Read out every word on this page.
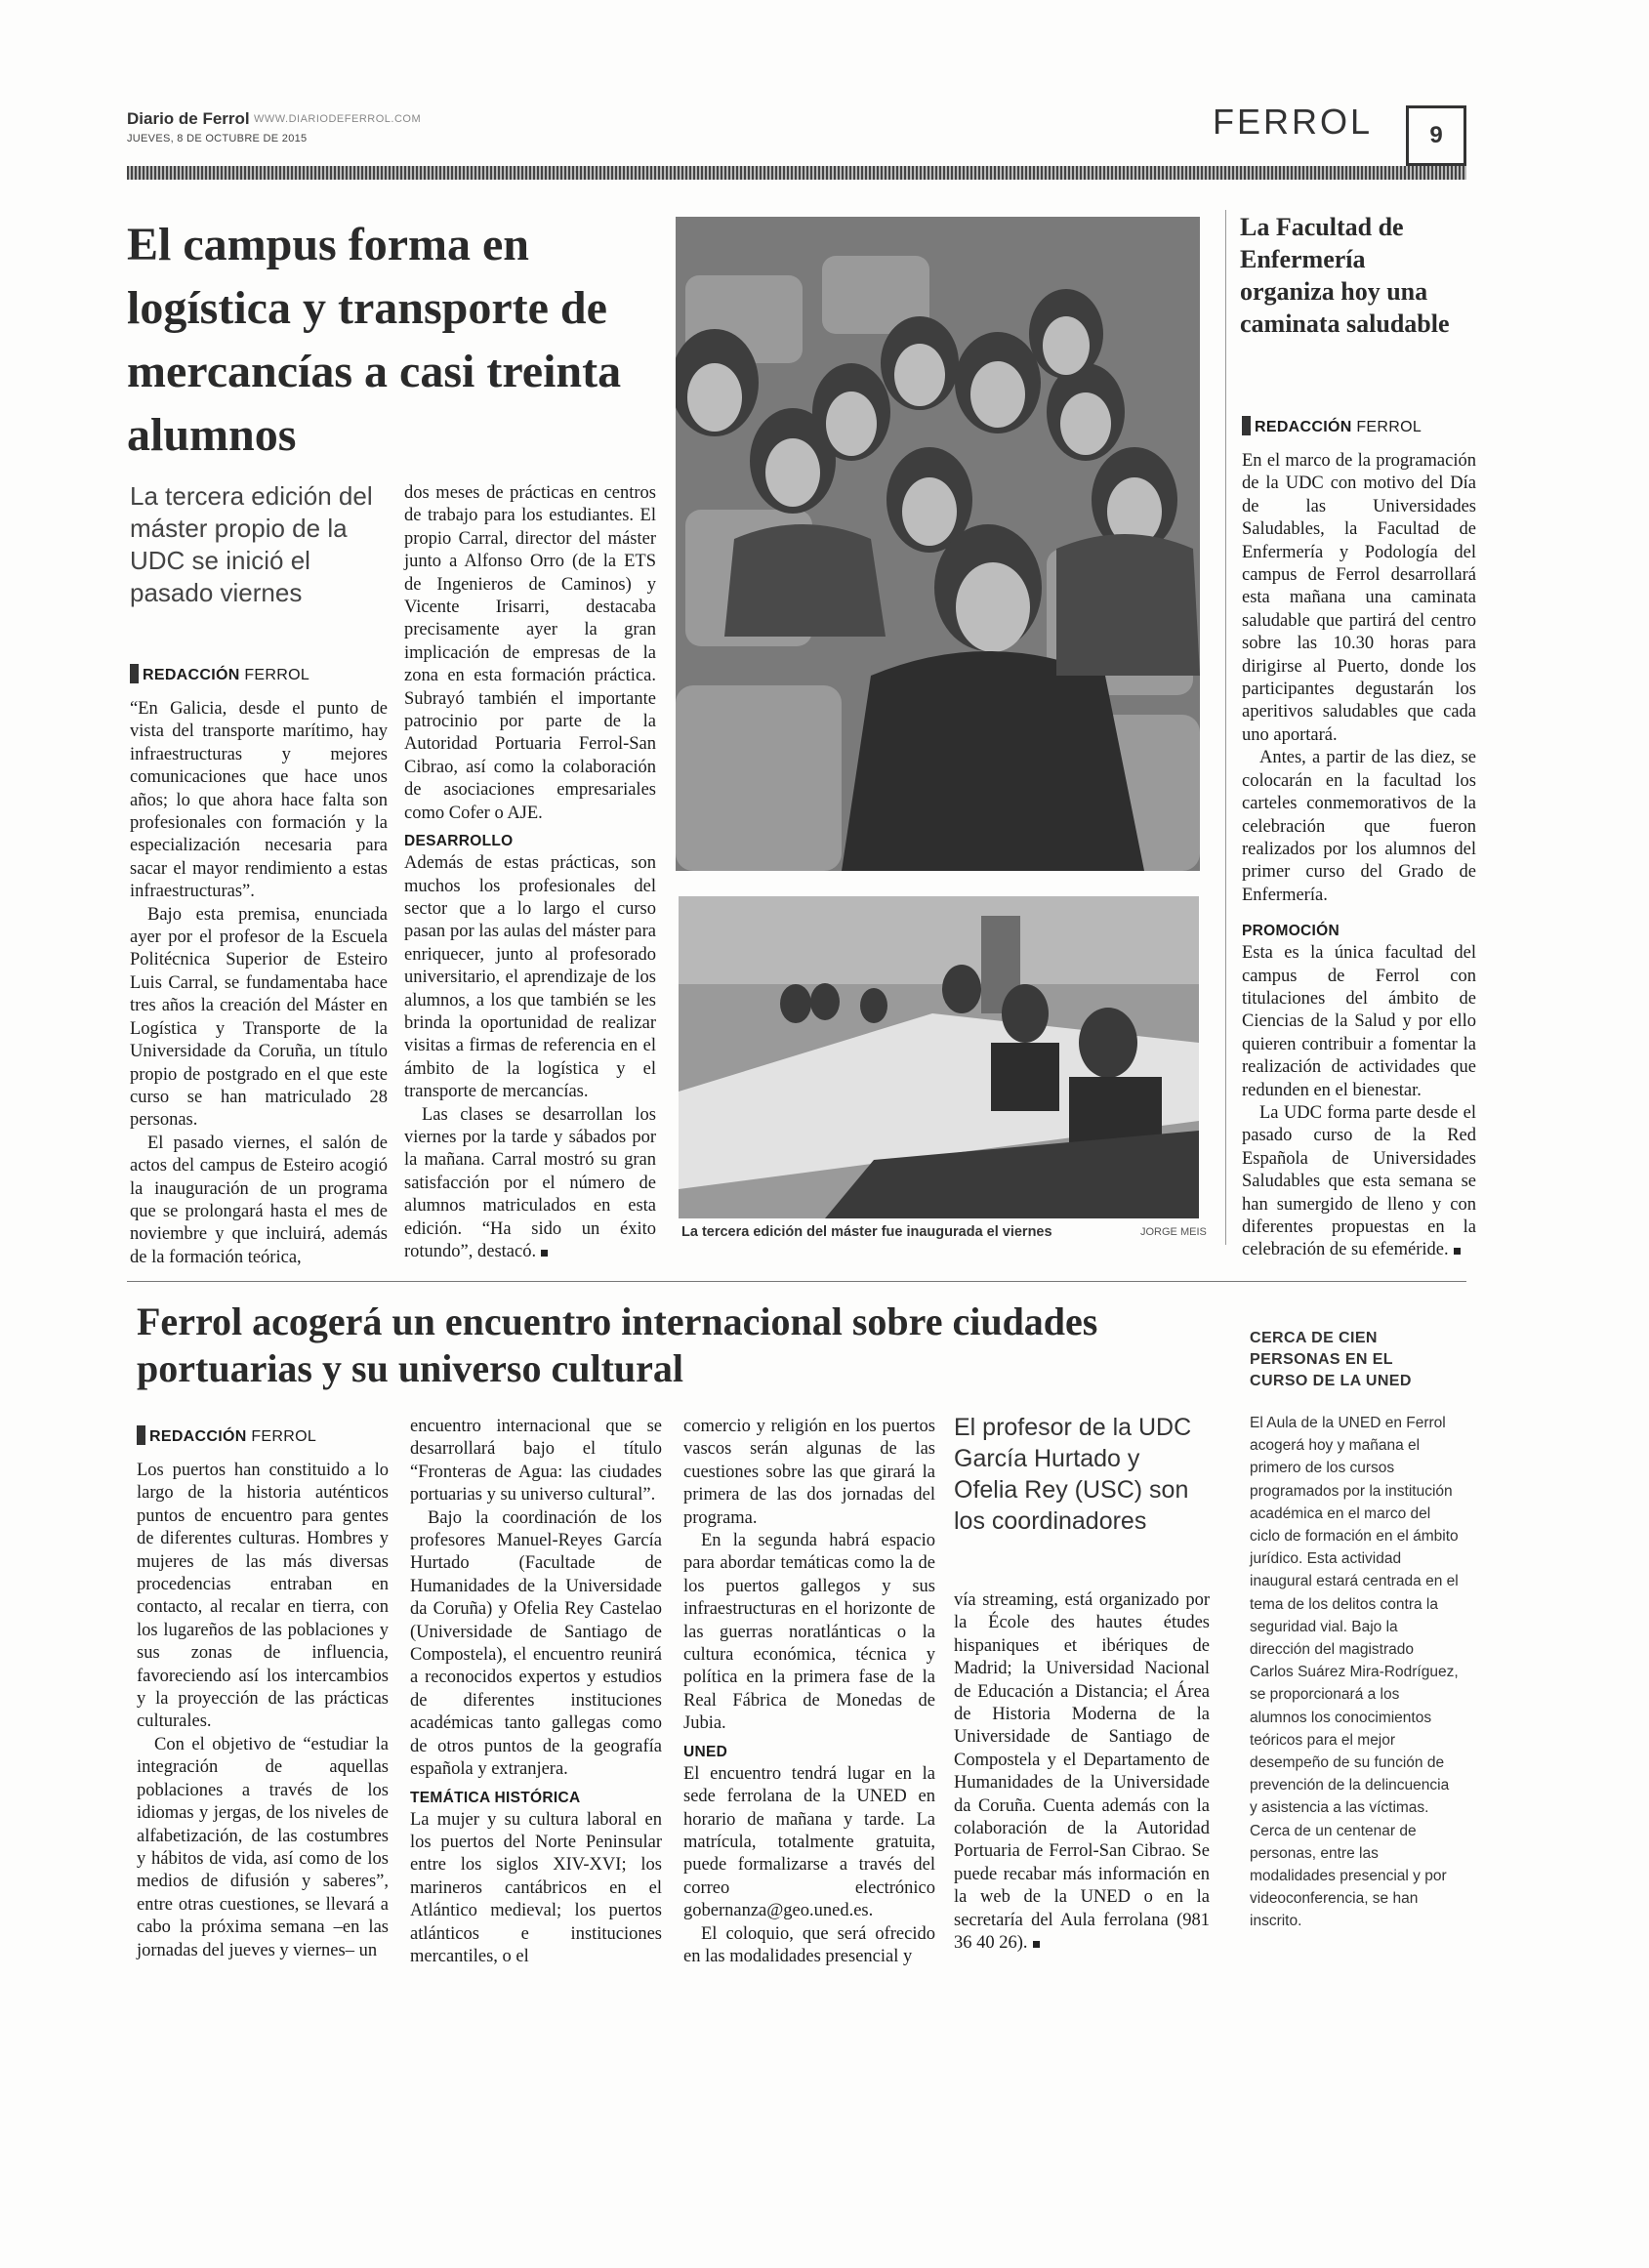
Diario de Ferrol WWW.DIARIODEFERROL.COM
JUEVES, 8 DE OCTUBRE DE 2015	FERROL 9
El campus forma en logística y transporte de mercancías a casi treinta alumnos
La tercera edición del máster propio de la UDC se inició el pasado viernes

REDACCIÓN FERROL

“En Galicia, desde el punto de vista del transporte marítimo, hay infraestructuras y mejores comunicaciones que hace unos años; lo que ahora hace falta son profesionales con formación y la especialización necesaria para sacar el mayor rendimiento a estas infraestructuras”.

Bajo esta premisa, enunciada ayer por el profesor de la Escuela Politécnica Superior de Esteiro Luis Carral, se fundamentaba hace tres años la creación del Máster en Logística y Transporte de la Universidade da Coruña, un título propio de postgrado en el que este curso se han matriculado 28 personas.

El pasado viernes, el salón de actos del campus de Esteiro acogió la inauguración de un programa que se prolongará hasta el mes de noviembre y que incluirá, además de la formación teórica,

dos meses de prácticas en centros de trabajo para los estudiantes. El propio Carral, director del máster junto a Alfonso Orro (de la ETS de Ingenieros de Caminos) y Vicente Irisarri, destacaba precisamente ayer la gran implicación de empresas de la zona en esta formación práctica. Subrayó también el importante patrocinio por parte de la Autoridad Portuaria Ferrol-San Cibrao, así como la colaboración de asociaciones empresariales como Cofer o AJE.

DESARROLLO

Además de estas prácticas, son muchos los profesionales del sector que a lo largo el curso pasan por las aulas del máster para enriquecer, junto al profesorado universitario, el aprendizaje de los alumnos, a los que también se les brinda la oportunidad de realizar visitas a firmas de referencia en el ámbito de la logística y el transporte de mercancías.

Las clases se desarrollan los viernes por la tarde y sábados por la mañana. Carral mostró su gran satisfacción por el número de alumnos matriculados en esta edición. “Ha sido un éxito rotundo”, destacó.

La tercera edición del máster fue inaugurada el viernes	JORGE MEIS
La Facultad de Enfermería organiza hoy una caminata saludable

REDACCIÓN FERROL

En el marco de la programación de la UDC con motivo del Día de las Universidades Saludables, la Facultad de Enfermería y Podología del campus de Ferrol desarrollará esta mañana una caminata saludable que partirá del centro sobre las 10.30 horas para dirigirse al Puerto, donde los participantes degustarán los aperitivos saludables que cada uno aportará.

Antes, a partir de las diez, se colocarán en la facultad los carteles conmemorativos de la celebración que fueron realizados por los alumnos del primer curso del Grado de Enfermería.

PROMOCIÓN

Esta es la única facultad del campus de Ferrol con titulaciones del ámbito de Ciencias de la Salud y por ello quieren contribuir a fomentar la realización de actividades que redunden en el bienestar.

La UDC forma parte desde el pasado curso de la Red Española de Universidades Saludables que esta semana se han sumergido de lleno y con diferentes propuestas en la celebración de su efeméride.

Ferrol acogerá un encuentro internacional sobre ciudades portuarias y su universo cultural

REDACCIÓN FERROL

Los puertos han constituido a lo largo de la historia auténticos puntos de encuentro para gentes de diferentes culturas. Hombres y mujeres de las más diversas procedencias entraban en contacto, al recalar en tierra, con los lugareños de las poblaciones y sus zonas de influencia, favoreciendo así los intercambios y la proyección de las prácticas culturales.

Con el objetivo de “estudiar la integración de aquellas poblaciones a través de los idiomas y jergas, de los niveles de alfabetización, de las costumbres y hábitos de vida, así como de los medios de difusión y saberes”, entre otras cuestiones, se llevará a cabo la próxima semana –en las jornadas del jueves y viernes– un

encuentro internacional que se desarrollará bajo el título “Fronteras de Agua: las ciudades portuarias y su universo cultural”.

Bajo la coordinación de los profesores Manuel-Reyes García Hurtado (Facultade de Humanidades de la Universidade da Coruña) y Ofelia Rey Castelao (Universidade de Santiago de Compostela), el encuentro reunirá a reconocidos expertos y estudios de diferentes instituciones académicas tanto gallegas como de otros puntos de la geografía española y extranjera.

TEMÁTICA HISTÓRICA

La mujer y su cultura laboral en los puertos del Norte Peninsular entre los siglos XIV-XVI; los marineros cantábricos en el Atlántico medieval; los puertos atlánticos e instituciones mercantiles, o el

comercio y religión en los puertos vascos serán algunas de las cuestiones sobre las que girará la primera de las dos jornadas del programa.

En la segunda habrá espacio para abordar temáticas como la de los puertos gallegos y sus infraestructuras en el horizonte de las guerras noratlánticas o la cultura económica, técnica y política en la primera fase de la Real Fábrica de Monedas de Jubia.

UNED

El encuentro tendrá lugar en la sede ferrolana de la UNED en horario de mañana y tarde. La matrícula, totalmente gratuita, puede formalizarse a través del correo electrónico gobernanza@geo.uned.es.

El coloquio, que será ofrecido en las modalidades presencial y

El profesor de la UDC García Hurtado y Ofelia Rey (USC) son los coordinadores

vía streaming, está organizado por la École des hautes études hispaniques et ibériques de Madrid; la Universidad Nacional de Educación a Distancia; el Área de Historia Moderna de la Universidade de Santiago de Compostela y el Departamento de Humanidades de la Universidade da Coruña. Cuenta además con la colaboración de la Autoridad Portuaria de Ferrol-San Cibrao. Se puede recabar más información en la web de la UNED o en la secretaría del Aula ferrolana (981 36 40 26).

CERCA DE CIEN PERSONAS EN EL CURSO DE LA UNED
El Aula de la UNED en Ferrol acogerá hoy y mañana el primero de los cursos programados por la institución académica en el marco del ciclo de formación en el ámbito jurídico. Esta actividad inaugural estará centrada en el tema de los delitos contra la seguridad vial. Bajo la dirección del magistrado Carlos Suárez Mira-Rodríguez, se proporcionará a los alumnos los conocimientos teóricos para el mejor desempeño de su función de prevención de la delincuencia y asistencia a las víctimas. Cerca de un centenar de personas, entre las modalidades presencial y por videoconferencia, se han inscrito.
